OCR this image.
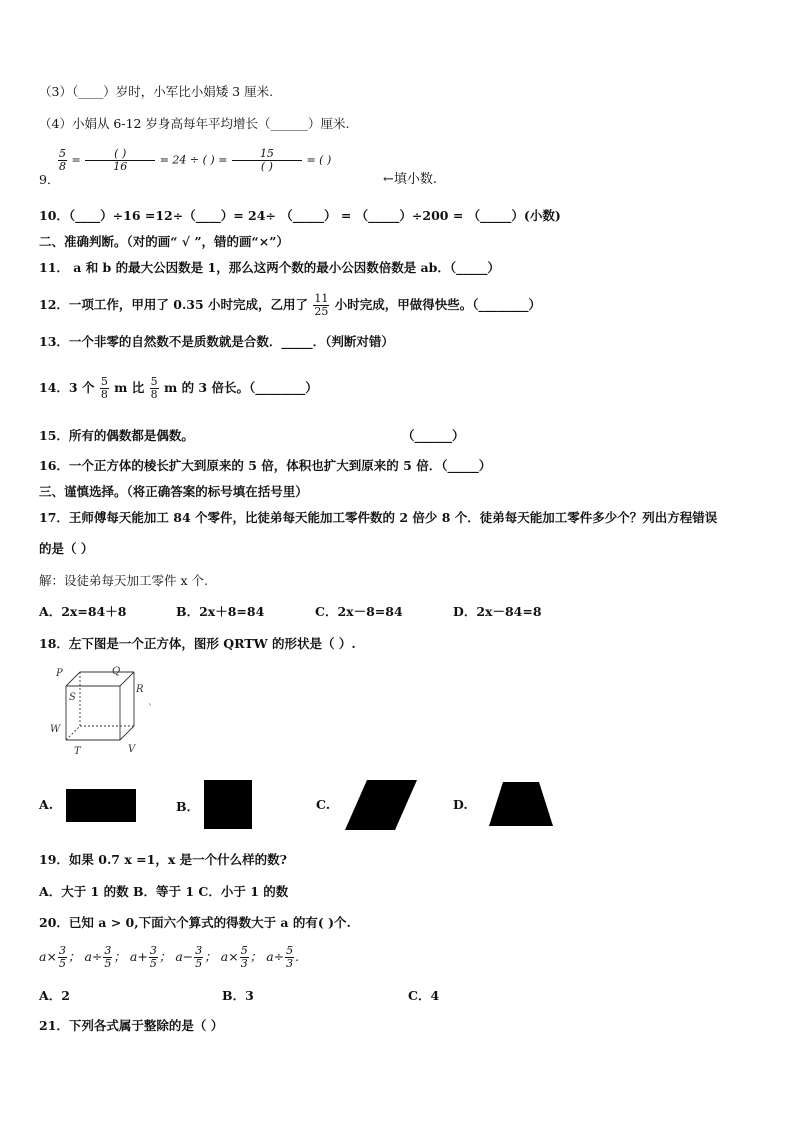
（3）（____）岁时，小军比小娟矮 3 厘米.
（4）小娟从 6-12 岁身高每年平均增长（______）厘米.
9．
$\frac{5}{8} = \frac{( )}{16} = 24$ ÷ ( ) = $\frac{15}{( )}$ = ( )
←填小数.
10．（____）÷16 =12÷（____）= 24÷ （_____） = （_____）÷200 = （_____）(小数)
二、准确判断。（对的画“ √ ”，错的画“×”）
11． a 和 b 的最大公因数是 1，那么这两个数的最小公因数倍数是 ab．（_____）
12．一项工作，甲用了 0.35 小时完成，乙用了 $\frac{11}{25}$ 小时完成，甲做得快些。（________）
13．一个非零的自然数不是质数就是合数．_____．（判断对错）
14．3 个 $\frac{5}{8}$ m 比 $\frac{5}{8}$ m 的 3 倍长。（________）
15．所有的偶数都是偶数。	（______）
16．一个正方体的棱长扩大到原来的 5 倍，体积也扩大到原来的 5 倍．（_____）
三、谨慎选择。（将正确答案的标号填在括号里）
17．王师傅每天能加工 84 个零件，比徒弟每天能加工零件数的 2 倍少 8 个．徒弟每天能加工零件多少个？列出方程错误
的是（ ）
解：设徒弟每天加工零件 x 个.
A．2x=84＋8	B．2x＋8=84	C．2x－8=84	D．2x－84=8
18．左下图是一个正方体，图形 QRTW 的形状是（ ）.
P	Q
R
S
W
T	V
`
A.	B．	C.	D.
19．如果 0.7 x =1，x 是一个什么样的数?
A．大于 1 的数 B．等于 1 C．小于 1 的数
20．已知 a > 0,下面六个算式的得数大于 a 的有( )个.
$a\times \frac{3}{5}$ ； $a\div \frac{3}{5}$ ； $a+ \frac{3}{5}$ ； $a- \frac{3}{5}$ ； $a\times \frac{5}{3}$ ； $a\div \frac{5}{3}$ .
A．2	B．3	C．4
21．下列各式属于整除的是（ ）
